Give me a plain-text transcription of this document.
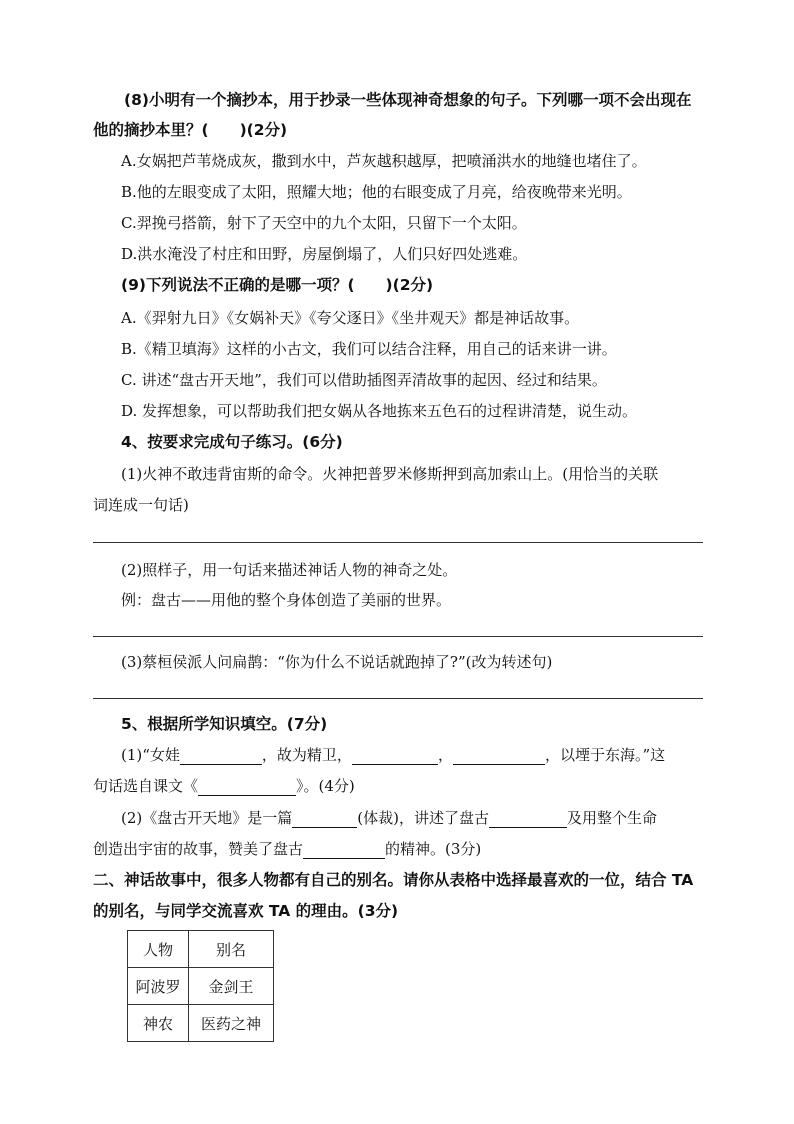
(8)小明有一个摘抄本，用于抄录一些体现神奇想象的句子。下列哪一项不会出现在
他的摘抄本里？(　　)(2分)
A.女娲把芦苇烧成灰，撒到水中，芦灰越积越厚，把喷涌洪水的地缝也堵住了。
B.他的左眼变成了太阳，照耀大地；他的右眼变成了月亮，给夜晚带来光明。
C.羿挽弓搭箭，射下了天空中的九个太阳，只留下一个太阳。
D.洪水淹没了村庄和田野，房屋倒塌了，人们只好四处逃难。
(9)下列说法不正确的是哪一项？(　　)(2分)
A.《羿射九日》《女娲补天》《夸父逐日》《坐井观天》都是神话故事。
B.《精卫填海》这样的小古文，我们可以结合注释，用自己的话来讲一讲。
C. 讲述“盘古开天地”，我们可以借助插图弄清故事的起因、经过和结果。
D. 发挥想象，可以帮助我们把女娲从各地拣来五色石的过程讲清楚，说生动。
4、按要求完成句子练习。(6分)
(1)火神不敢违背宙斯的命令。火神把普罗米修斯押到高加索山上。(用恰当的关联
词连成一句话)
(2)照样子，用一句话来描述神话人物的神奇之处。
例：盘古——用他的整个身体创造了美丽的世界。
(3)蔡桓侯派人问扁鹊：“你为什么不说话就跑掉了?”(改为转述句)
5、根据所学知识填空。(7分)
(1)“女娃	，故为精卫，	，	，以堙于东海。”这
句话选自课文《	》。(4分)
(2)《盘古开天地》是一篇	(体裁)，讲述了盘古	及用整个生命
创造出宇宙的故事，赞美了盘古	的精神。(3分)
二、神话故事中，很多人物都有自己的别名。请你从表格中选择最喜欢的一位，结合 TA
的别名，与同学交流喜欢 TA 的理由。(3分)
人物	别名
阿波罗	金剑王
神农	医药之神
